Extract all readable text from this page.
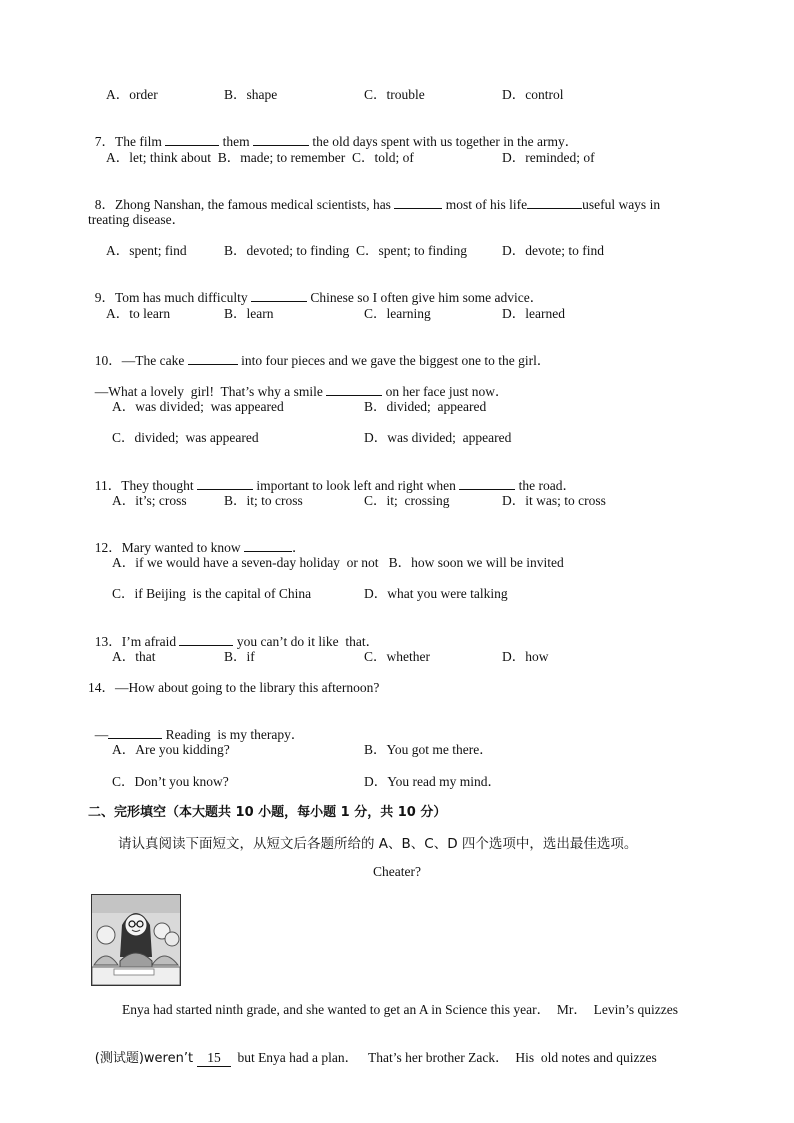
A．order	B．shape	C．trouble	D．control

7．The film	them	the old days spent with us together in the army．

A．let; think about  B．made; to remember  C．told; of	D．reminded; of

8．Zhong Nanshan, the famous medical scientists, has	most of his life	useful ways in

treating disease．
A．spent; find	B．devoted; to finding  C．spent; to finding	D．devote; to find

9．Tom has much difficulty	Chinese so I often give him some advice．

A．to learn	B．learn	C．learning	D．learned

10．—The cake	into four pieces and we gave the biggest one to the girl．

—What a lovely  girl!  That’s why a smile	on her face just now．

A．was divided;  was appeared	B．divided;  appeared
C．divided;  was appeared	D．was divided;  appeared

11．They thought	important to look left and right when	the road．

A．it’s; cross	B．it; to cross	C．it;  crossing	D．it was; to cross

12．Mary wanted to know	．

A．if we would have a seven-day holiday  or not   B．how soon we will be invited
C．if Beijing  is the capital of China	D．what you were talking

13．I’m afraid	you can’t do it like  that．

A．that	B．if	C．whether	D．how
14．—How about going to the library this afternoon?

—	Reading  is my therapy．

A．Are you kidding?	B．You got me there．
C．Don’t you know?	D．You read my mind．
二、完形填空（本大题共 10 小题，每小题 1 分，共 10 分）
请认真阅读下面短文，从短文后各题所给的 A、B、C、D 四个选项中，选出最佳选项。
Cheater?
Enya had started ninth grade, and she wanted to get an A in Science this year．  Mr．  Levin’s quizzes

(测试题)weren’t 15  but Enya had a plan．   That’s her brother Zack．  His  old notes and quizzes
